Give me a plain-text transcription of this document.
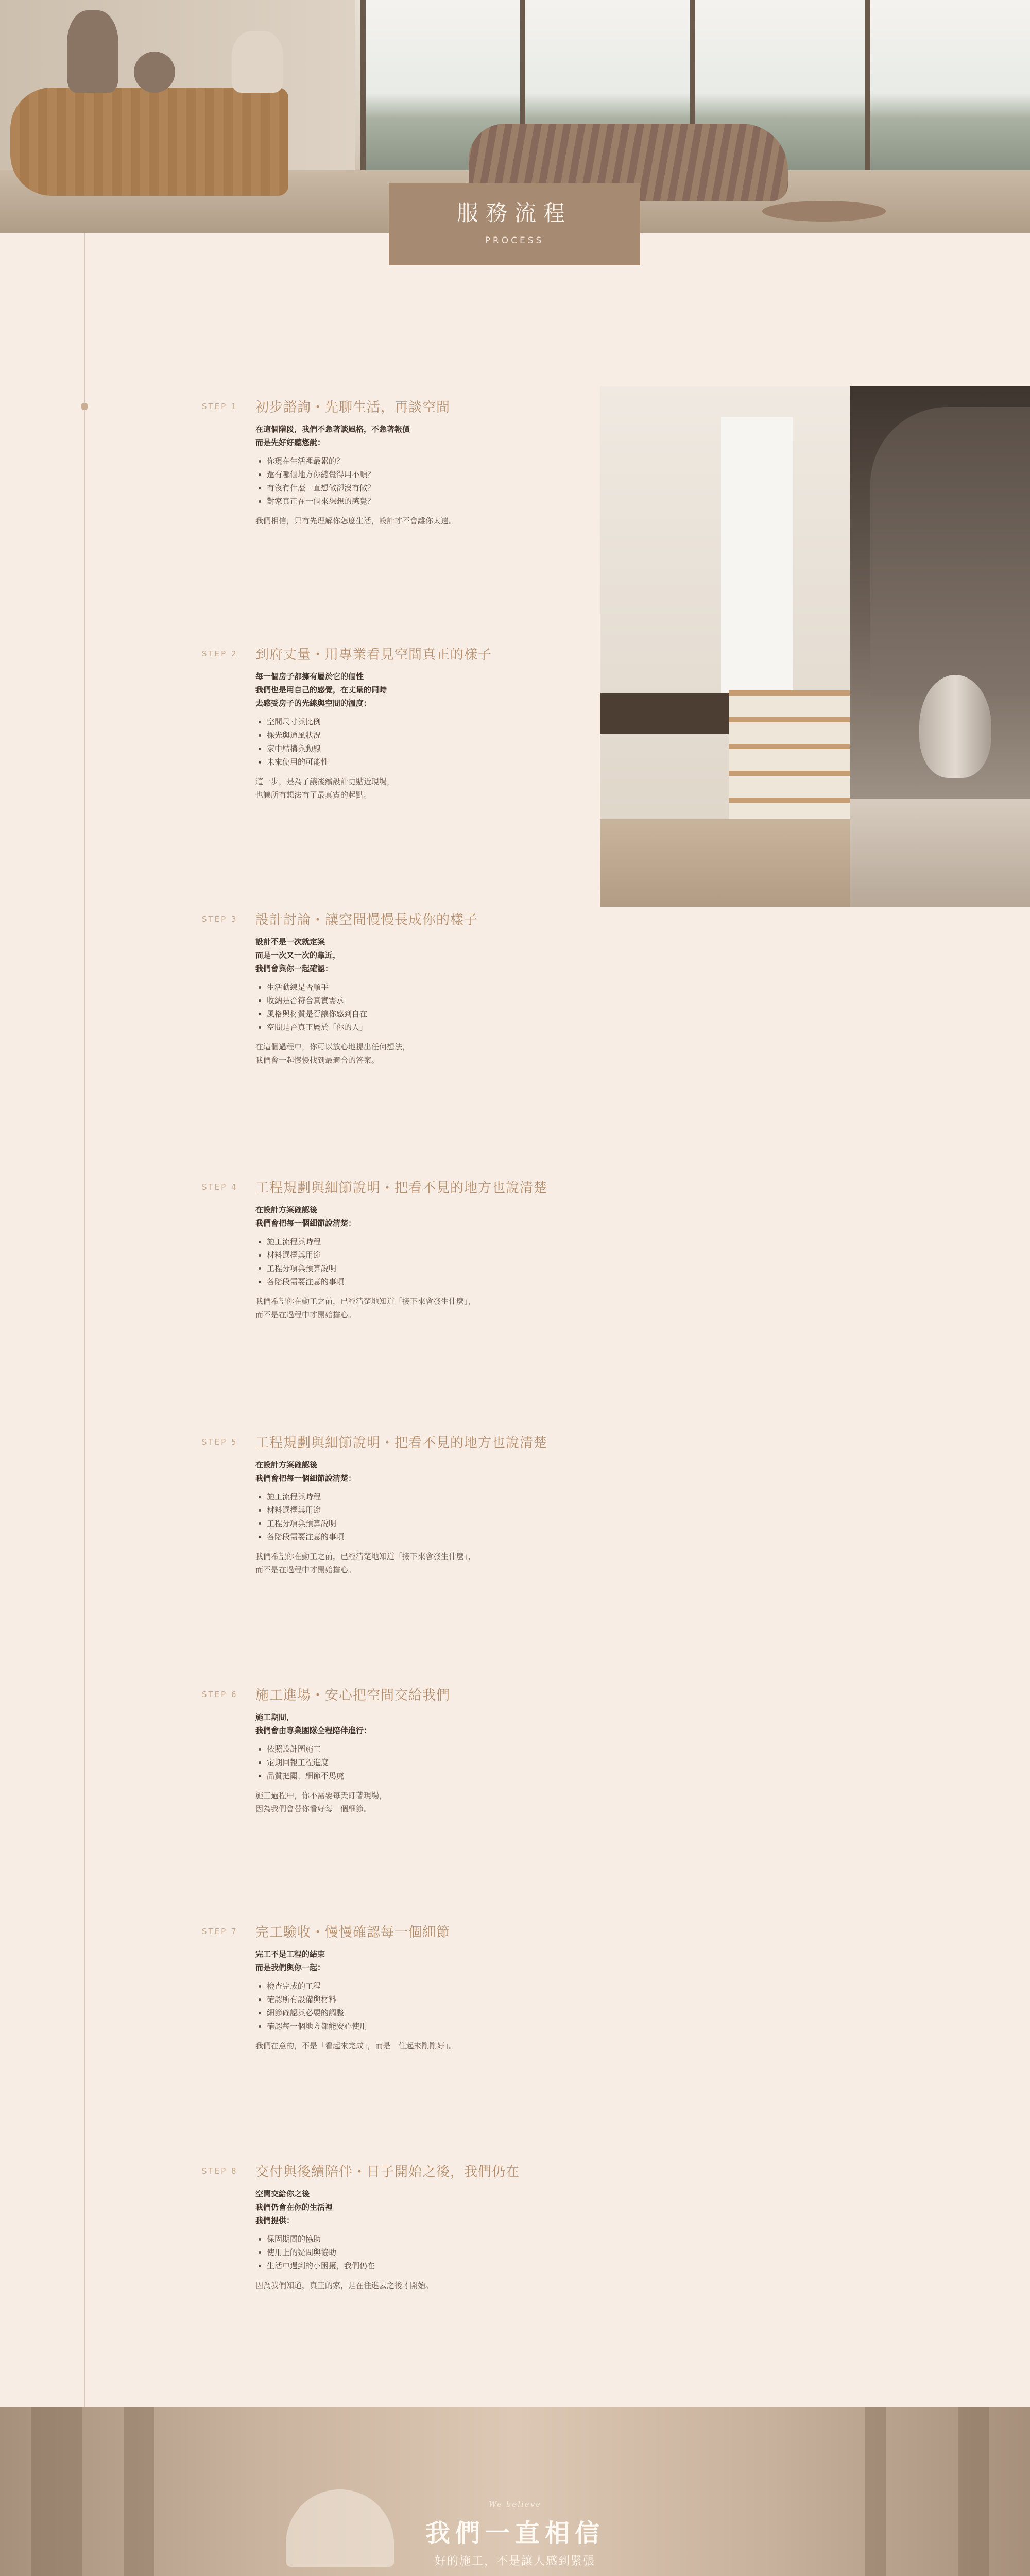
服務流程
PROCESS
STEP 1 初步諮詢・先聊生活，再談空間
在這個階段，我們不急著談風格，不急著報價
而是先好好聽您說：
• 你現在生活裡最累的？
• 還有哪個地方你總覺得用不順？
• 有沒有什麼一直想做卻沒有做？
• 對家真正在一個來想想的感覺？
我們相信，只有先理解你怎麼生活，設計才不會離你太遠。
STEP 2 到府丈量・用專業看見空間真正的樣子
每一個房子都擁有屬於它的個性
我們也是用自己的感覺，在丈量的同時
去感受房子的光線與空間的溫度：
• 空間尺寸與比例
• 採光與通風狀況
• 家中結構與動線
• 未來使用的可能性
這一步，是為了讓後續設計更貼近現場，
也讓所有想法有了最真實的起點。
STEP 3 設計討論・讓空間慢慢長成你的樣子
設計不是一次就定案
而是一次又一次的靠近，
我們會與你一起確認：
• 生活動線是否順手
• 收納是否符合真實需求
• 風格與材質是否讓你感到自在
• 空間是否真正屬於「你的人」
在這個過程中，你可以放心地提出任何想法，
我們會一起慢慢找到最適合的答案。
STEP 4 工程規劃與細節說明・把看不見的地方也說清楚
在設計方案確認後
我們會把每一個細節說清楚：
• 施工流程與時程
• 材料選擇與用途
• 工程分項與預算說明
• 各階段需要注意的事項
我們希望你在動工之前，已經清楚地知道「接下來會發生什麼」，
而不是在過程中才開始擔心。
STEP 5 工程規劃與細節說明・把看不見的地方也說清楚
在設計方案確認後
我們會把每一個細節說清楚：
• 施工流程與時程
• 材料選擇與用途
• 工程分項與預算說明
• 各階段需要注意的事項
我們希望你在動工之前，已經清楚地知道「接下來會發生什麼」，
而不是在過程中才開始擔心。
STEP 6 施工進場・安心把空間交給我們
施工期間，
我們會由專業團隊全程陪伴進行：
• 依照設計圖施工
• 定期回報工程進度
• 品質把關，細節不馬虎
施工過程中，你不需要每天盯著現場，
因為我們會替你看好每一個細節。
STEP 7 完工驗收・慢慢確認每一個細節
完工不是工程的結束
而是我們與你一起：
• 檢查完成的工程
• 確認所有設備與材料
• 細節確認與必要的調整
• 確認每一個地方都能安心使用
我們在意的，不是「看起來完成」，而是「住起來剛剛好」。
STEP 8 交付與後續陪伴・日子開始之後，我們仍在
空間交給你之後
我們仍會在你的生活裡
我們提供：
• 保固期間的協助
• 使用上的疑問與協助
• 生活中遇到的小困擾，我們仍在
因為我們知道，真正的家，是在住進去之後才開始。
We believe
我們一直相信
好的施工，不是讓人感到緊張
